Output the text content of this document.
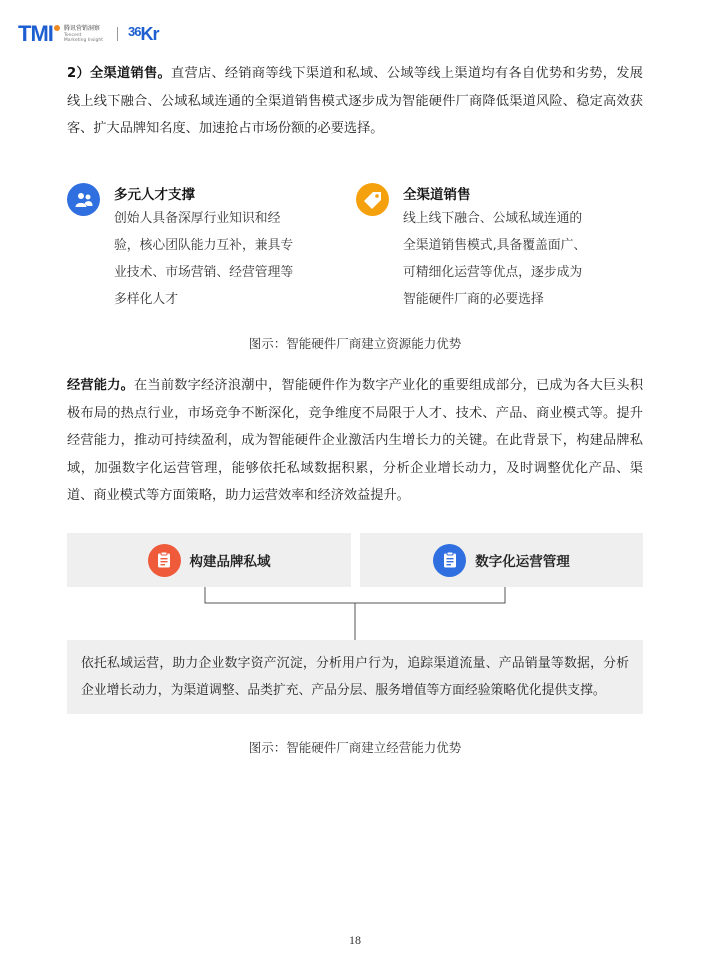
TMI 腾讯营销洞察
Tencent
Marketing Insight
$^{36}$Kr
2）全渠道销售。直营店、经销商等线下渠道和私域、公域等线上渠道均有各自优势和劣势，发展线上线下融合、公域私域连通的全渠道销售模式逐步成为智能硬件厂商降低渠道风险、稳定高效获客、扩大品牌知名度、加速抢占市场份额的必要选择。
多元人才支撑
创始人具备深厚行业知识和经
验，核心团队能力互补，兼具专
业技术、市场营销、经营管理等
多样化人才
全渠道销售
线上线下融合、公域私域连通的
全渠道销售模式,具备覆盖面广、
可精细化运营等优点，逐步成为
智能硬件厂商的必要选择
图示：智能硬件厂商建立资源能力优势
经营能力。在当前数字经济浪潮中，智能硬件作为数字产业化的重要组成部分，已成为各大巨头积极布局的热点行业，市场竞争不断深化，竞争维度不局限于人才、技术、产品、商业模式等。提升经营能力，推动可持续盈利，成为智能硬件企业激活内生增长力的关键。在此背景下，构建品牌私域，加强数字化运营管理，能够依托私域数据积累，分析企业增长动力，及时调整优化产品、渠道、商业模式等方面策略，助力运营效率和经济效益提升。
构建品牌私域	数字化运营管理
依托私域运营，助力企业数字资产沉淀，分析用户行为，追踪渠道流量、产品销量等数据，分析企业增长动力，为渠道调整、品类扩充、产品分层、服务增值等方面经验策略优化提供支撑。
图示：智能硬件厂商建立经营能力优势
18
